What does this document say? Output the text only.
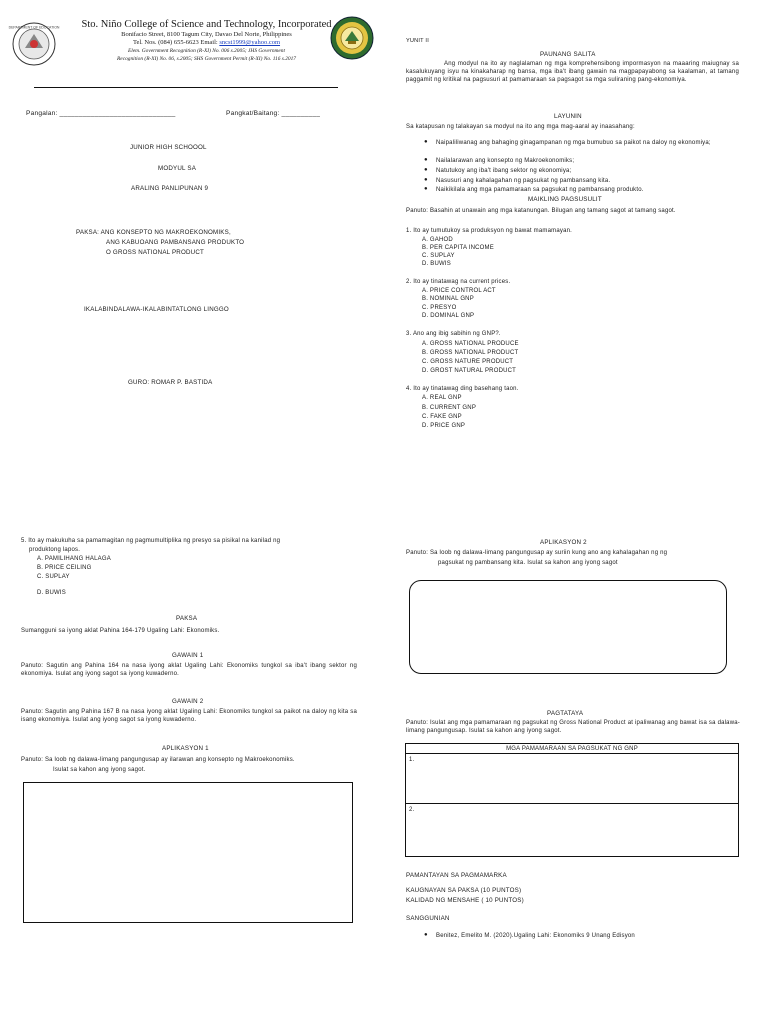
DEPARTMENT OF EDUCATION	Sto. Niño College of Science and Technology, Incorporated
Bonifacio Street, 8100 Tagum City, Davao Del Norte, Philippines
Tel. Nos. (084) 655-6623 Email: sncst1999@yahoo.com
Elem. Government Recognition (R-XI) No. 006 s.2005; JHS Government
Recognition (R-XI) No. 06, s.2005; SHS Government Permit (R-XI) No. 116 s.2017
Pangalan: ______________________________	Pangkat/Baitang: __________
JUNIOR HIGH SCHOOOL
MODYUL SA
ARALING PANLIPUNAN 9
PAKSA: ANG KONSEPTO NG MAKROEKONOMIKS,
ANG KABUOANG PAMBANSANG PRODUKTO
O GROSS NATIONAL PRODUCT
IKALABINDALAWA-IKALABINTATLONG LINGGO
GURO: ROMAR P. BASTIDA
5. Ito ay makukuha sa pamamagitan ng pagmumultiplika ng presyo sa pisikal na kanilad ng
produktong lapos.
A. PAMILIHANG HALAGA
B. PRICE CEILING
C. SUPLAY
D. BUWIS
PAKSA
Sumangguni sa iyong aklat Pahina 164-179 Ugaling Lahi: Ekonomiks.
GAWAIN 1
Panuto: Sagutin ang Pahina 164 na nasa iyong aklat Ugaling Lahi: Ekonomiks tungkol sa iba't ibang sektor ng ekonomiya. Isulat ang iyong sagot sa iyong kuwaderno.
GAWAIN 2
Panuto: Sagutin ang Pahina 167 B na nasa iyong aklat Ugaling Lahi: Ekonomiks tungkol sa paikot na daloy ng kita sa isang ekonomiya. Isulat ang iyong sagot sa iyong kuwaderno.
APLIKASYON 1
Panuto: Sa loob ng dalawa-limang pangungusap ay ilarawan ang konsepto ng Makroekonomiks.
Isulat sa kahon ang iyong sagot.
YUNIT II
PAUNANG SALITA
Ang modyul na ito ay naglalaman ng mga komprehensibong impormasyon na maaaring maiugnay sa kasalukuyang isyu na kinakaharap ng bansa, mga iba't ibang gawain na magpapayabong sa kaalaman, at tamang paggamit ng kritikal na pagsusuri at pamamaraan sa pagsagot sa mga suliraning pang-ekonomiya.
LAYUNIN
Sa katapusan ng talakayan sa modyul na ito ang mga mag-aaral ay inaasahang:
● Naipaliliwanag ang bahaging ginagampanan ng mga bumubuo sa paikot na daloy ng ekonomiya;
● Nailalarawan ang konsepto ng Makroekonomiks;
● Natutukoy ang iba't ibang sektor ng ekonomiya;
● Nasusuri ang kahalagahan ng pagsukat ng pambansang kita.
● Naikikilala ang mga pamamaraan sa pagsukat ng pambansang produkto.
MAIKLING PAGSUSULIT
Panuto: Basahin at unawain ang mga katanungan. Bilugan ang tamang sagot at tamang sagot.
1. Ito ay tumutukoy sa produksyon ng bawat mamamayan.
A. GAHOD
B. PER CAPITA INCOME
C. SUPLAY
D. BUWIS
2. Ito ay tinatawag na current prices.
A. PRICE CONTROL ACT
B. NOMINAL GNP
C. PRESYO
D. DOMINAL GNP
3. Ano ang ibig sabihin ng GNP?.
A. GROSS NATIONAL PRODUCE
B. GROSS NATIONAL PRODUCT
C. GROSS NATURE PRODUCT
D. GROST NATURAL PRODUCT
4. Ito ay tinatawag ding basehang taon.
A. REAL GNP
B. CURRENT GNP
C. FAKE GNP
D. PRICE GNP
APLIKASYON 2
Panuto: Sa loob ng dalawa-limang pangungusap ay suriin kung ano ang kahalagahan ng ng
pagsukat ng pambansang kita. Isulat sa kahon ang iyong sagot
PAGTATAYA
Panuto: Isulat ang mga pamamaraan ng pagsukat ng Gross National Product at ipaliwanag ang bawat isa sa dalawa-limang pangungusap. Isulat sa kahon ang iyong sagot.
MGA PAMAMARAAN SA PAGSUKAT NG GNP
1.
2.
PAMANTAYAN SA PAGMAMARKA
KAUGNAYAN SA PAKSA (10 PUNTOS)
KALIDAD NG MENSAHE ( 10 PUNTOS)
SANGGUNIAN
● Benitez, Emelito M. (2020).Ugaling Lahi: Ekonomiks 9 Unang Edisyon
